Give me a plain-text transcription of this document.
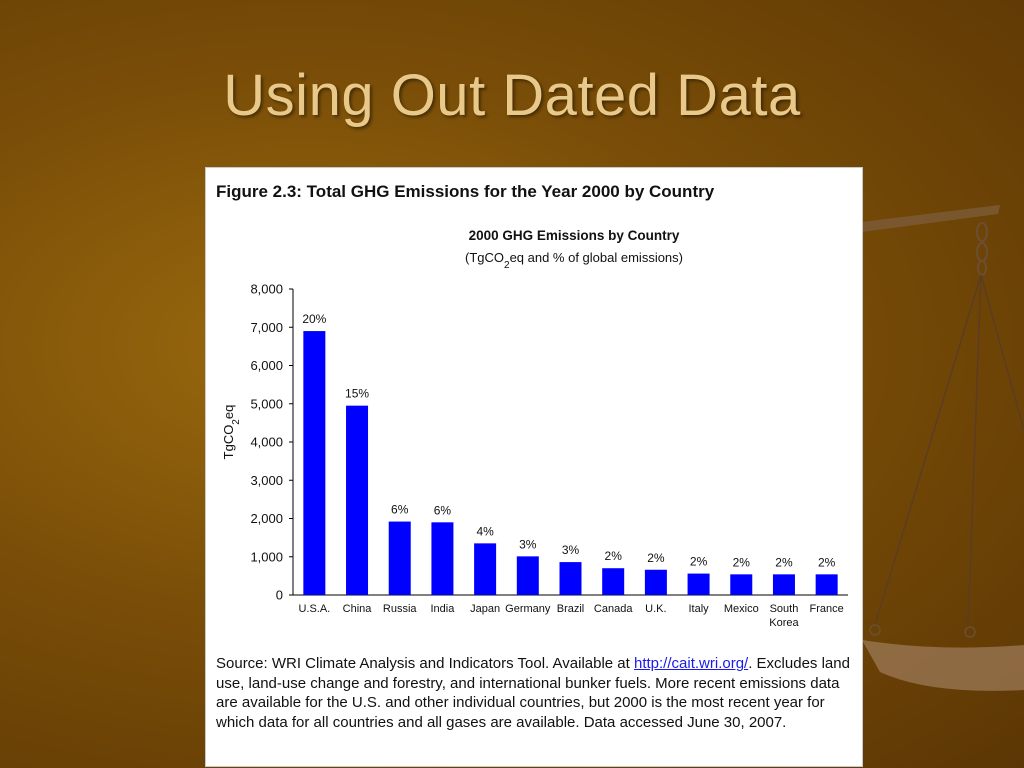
Using Out Dated Data
Figure 2.3: Total GHG Emissions for the Year 2000 by Country
2000 GHG Emissions by Country
(TgCO$_2$eq and % of global emissions)
TgCO$_2$eq
0
1,000
2,000
3,000
4,000
5,000
6,000
7,000
8,000
20%
U.S.A.
15%
China
6%
Russia
6%
India
4%
Japan
3%
Germany
3%
Brazil
2%
Canada
2%
U.K.
2%
Italy
2%
Mexico
2%
South
Korea
2%
France
Source: WRI Climate Analysis and Indicators Tool. Available at http://cait.wri.org/. Excludes land use, land-use change and forestry, and international bunker fuels. More recent emissions data are available for the U.S. and other individual countries, but 2000 is the most recent year for which data for all countries and all gases are available. Data accessed June 30, 2007.
